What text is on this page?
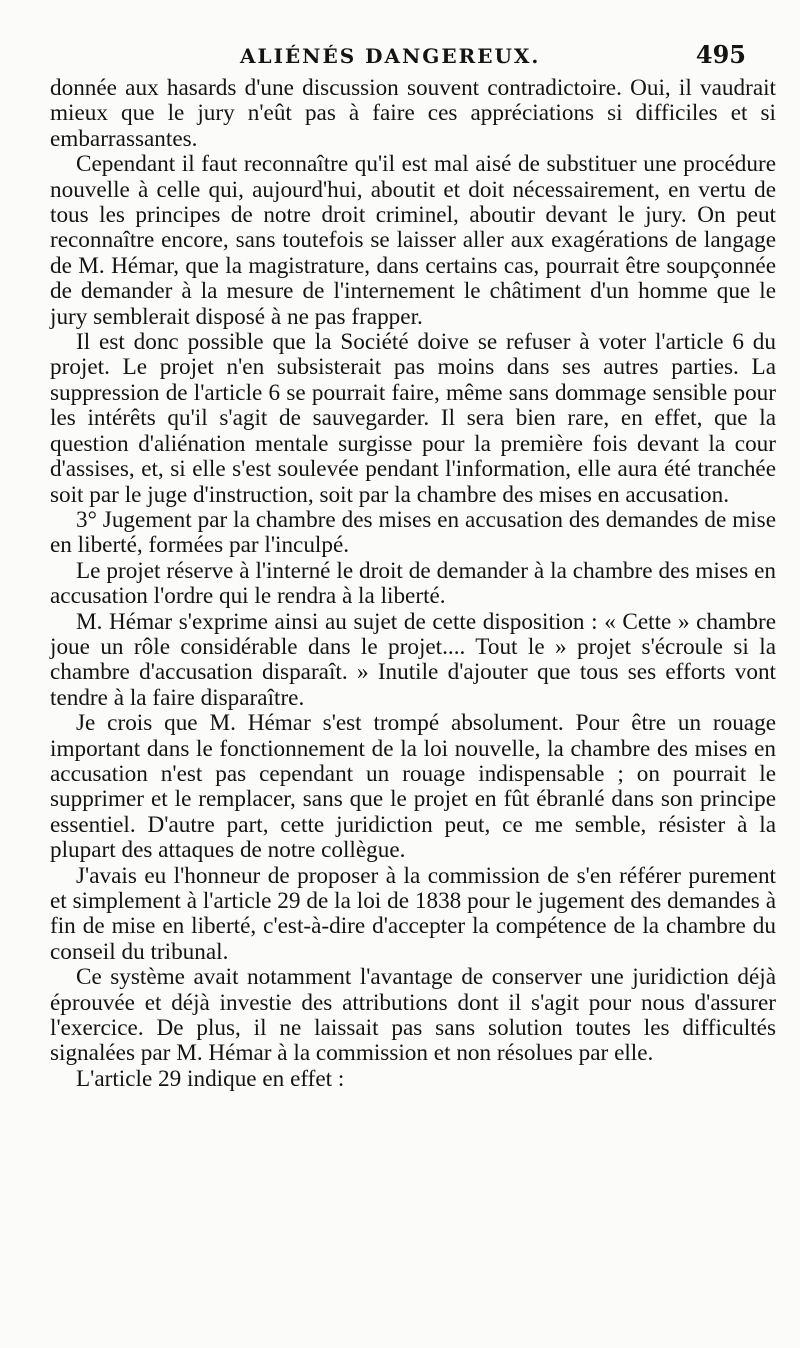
ALIÉNÉS DANGEREUX.	495

donnée aux hasards d'une discussion souvent contradictoire. Oui, il vaudrait mieux que le jury n'eût pas à faire ces appréciations si difficiles et si embarrassantes.

Cependant il faut reconnaître qu'il est mal aisé de substituer une procédure nouvelle à celle qui, aujourd'hui, aboutit et doit nécessairement, en vertu de tous les principes de notre droit criminel, aboutir devant le jury. On peut reconnaître encore, sans toutefois se laisser aller aux exagérations de langage de M. Hémar, que la magistrature, dans certains cas, pourrait être soupçonnée de demander à la mesure de l'internement le châtiment d'un homme que le jury semblerait disposé à ne pas frapper.

Il est donc possible que la Société doive se refuser à voter l'article 6 du projet. Le projet n'en subsisterait pas moins dans ses autres parties. La suppression de l'article 6 se pourrait faire, même sans dommage sensible pour les intérêts qu'il s'agit de sauvegarder. Il sera bien rare, en effet, que la question d'aliénation mentale surgisse pour la première fois devant la cour d'assises, et, si elle s'est soulevée pendant l'information, elle aura été tranchée soit par le juge d'instruction, soit par la chambre des mises en accusation.

3° Jugement par la chambre des mises en accusation des demandes de mise en liberté, formées par l'inculpé.

Le projet réserve à l'interné le droit de demander à la chambre des mises en accusation l'ordre qui le rendra à la liberté.

M. Hémar s'exprime ainsi au sujet de cette disposition : « Cette » chambre joue un rôle considérable dans le projet.... Tout le » projet s'écroule si la chambre d'accusation disparaît. » Inutile d'ajouter que tous ses efforts vont tendre à la faire disparaître.

Je crois que M. Hémar s'est trompé absolument. Pour être un rouage important dans le fonctionnement de la loi nouvelle, la chambre des mises en accusation n'est pas cependant un rouage indispensable ; on pourrait le supprimer et le remplacer, sans que le projet en fût ébranlé dans son principe essentiel. D'autre part, cette juridiction peut, ce me semble, résister à la plupart des attaques de notre collègue.

J'avais eu l'honneur de proposer à la commission de s'en référer purement et simplement à l'article 29 de la loi de 1838 pour le jugement des demandes à fin de mise en liberté, c'est-à-dire d'accepter la compétence de la chambre du conseil du tribunal.

Ce système avait notamment l'avantage de conserver une juridiction déjà éprouvée et déjà investie des attributions dont il s'agit pour nous d'assurer l'exercice. De plus, il ne laissait pas sans solution toutes les difficultés signalées par M. Hémar à la commission et non résolues par elle.

L'article 29 indique en effet :
